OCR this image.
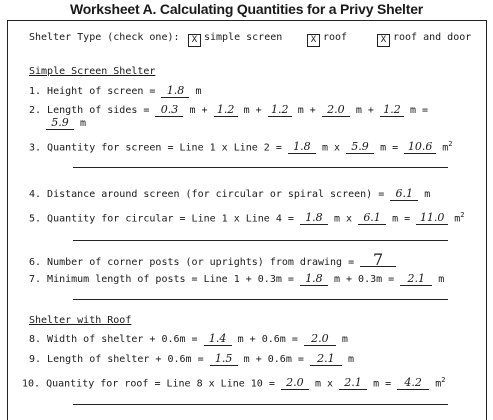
Worksheet A. Calculating Quantities for a Privy Shelter
Shelter Type (check one):	X simple screen	X roof	X roof and door
Simple Screen Shelter
1. Height of screen = 1.8 m
2. Length of sides = 0.3 m + 1.2 m + 1.2 m + 2.0 m + 1.2 m =
5.9 m
3. Quantity for screen = Line 1 x Line 2 = 1.8 m x 5.9 m = 10.6 $m^2$
4. Distance around screen (for circular or spiral screen) = 6.1 m
5. Quantity for circular = Line 1 x Line 4 = 1.8 m x 6.1 m = 11.0 $m^2$
6. Number of corner posts (or uprights) from drawing = 7
7. Minimum length of posts = Line 1 + 0.3m = 1.8 m + 0.3m = 2.1 m
Shelter with Roof
8. Width of shelter + 0.6m = 1.4 m + 0.6m = 2.0 m
9. Length of shelter + 0.6m = 1.5 m + 0.6m = 2.1 m
10. Quantity for roof = Line 8 x Line 10 = 2.0 m x 2.1 m = 4.2 $m^2$
